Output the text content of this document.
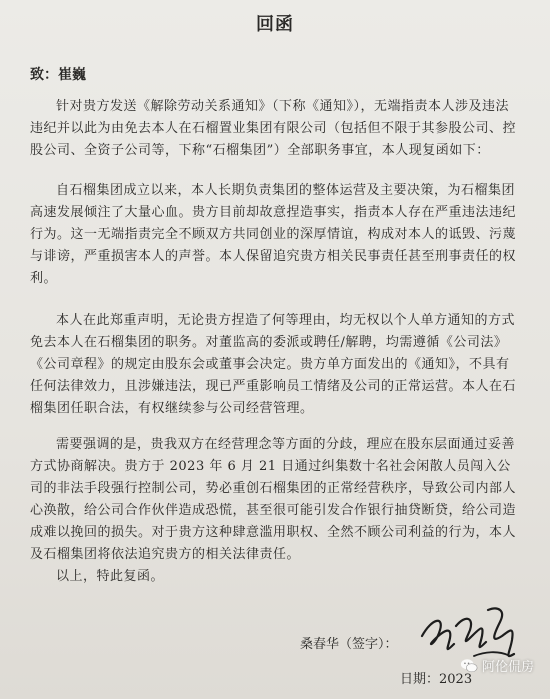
回函
致：崔巍

针对贵方发送《解除劳动关系通知》（下称《通知》），无端指责本人涉及违法违纪并以此为由免去本人在石榴置业集团有限公司（包括但不限于其参股公司、控股公司、全资子公司等，下称“石榴集团”）全部职务事宜，本人现复函如下：

自石榴集团成立以来，本人长期负责集团的整体运营及主要决策，为石榴集团高速发展倾注了大量心血。贵方目前却故意捏造事实，指责本人存在严重违法违纪行为。这一无端指责完全不顾双方共同创业的深厚情谊，构成对本人的诋毁、污蔑与诽谤，严重损害本人的声誉。本人保留追究贵方相关民事责任甚至刑事责任的权利。

本人在此郑重声明，无论贵方捏造了何等理由，均无权以个人单方通知的方式免去本人在石榴集团的职务。对董监高的委派或聘任/解聘，均需遵循《公司法》《公司章程》的规定由股东会或董事会决定。贵方单方面发出的《通知》，不具有任何法律效力，且涉嫌违法，现已严重影响员工情绪及公司的正常运营。本人在石榴集团任职合法，有权继续参与公司经营管理。

需要强调的是，贵我双方在经营理念等方面的分歧，理应在股东层面通过妥善方式协商解决。贵方于 2023 年 6 月 21 日通过纠集数十名社会闲散人员闯入公司的非法手段强行控制公司，势必重创石榴集团的正常经营秩序，导致公司内部人心涣散，给公司合作伙伴造成恐慌，甚至很可能引发合作银行抽贷断贷，给公司造成难以挽回的损失。对于贵方这种肆意滥用职权、全然不顾公司利益的行为，本人及石榴集团将依法追究贵方的相关法律责任。

以上，特此复函。

桑春华（签字）：
日期：2023
阿伦侃房
